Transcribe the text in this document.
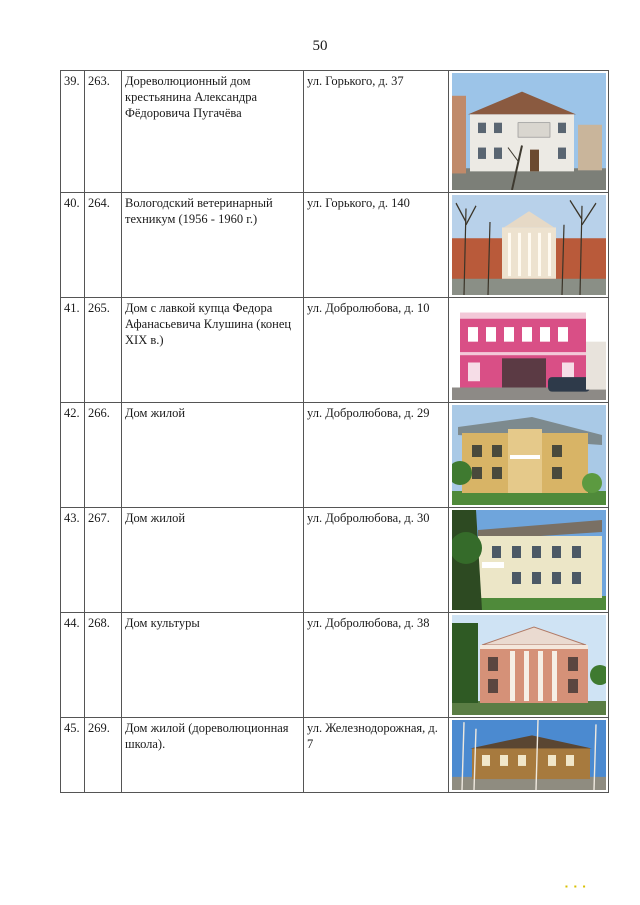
50
39.	263.	Дореволюционный дом крестьянина Александра Фёдоровича Пугачёва	ул. Горького, д. 37	

40.	264.	Вологодский ветеринарный техникум (1956 - 1960 г.)	ул. Горького, д. 140	

41.	265.	Дом с лавкой купца Федора Афанасьевича Клушина (конец XIX в.)	ул. Добролюбова, д. 10	

42.	266.	Дом жилой	ул. Добролюбова, д. 29	

43.	267.	Дом жилой	ул. Добролюбова, д. 30	

44.	268.	Дом культуры	ул. Добролюбова, д. 38	

45.	269.	Дом жилой (дореволюционная школа).	ул. Железнодорожная, д. 7	
▪ ▪ ▪
